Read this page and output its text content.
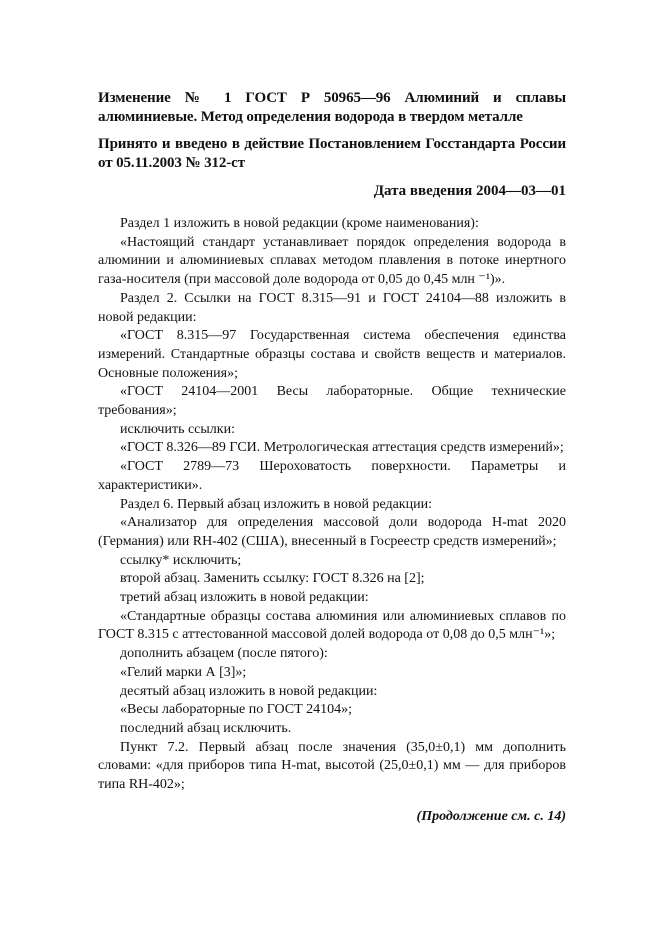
Изменение № 1 ГОСТ Р 50965—96 Алюминий и сплавы алюминиевые. Метод определения водорода в твердом металле
Принято и введено в действие Постановлением Госстандарта России от 05.11.2003 № 312-ст
Дата введения 2004—03—01

Раздел 1 изложить в новой редакции (кроме наименования):

«Настоящий стандарт устанавливает порядок определения водорода в алюминии и алюминиевых сплавах методом плавления в потоке инертного газа-носителя (при массовой доле водорода от 0,05 до 0,45 млн ⁻¹)».

Раздел 2. Ссылки на ГОСТ 8.315—91 и ГОСТ 24104—88 изложить в новой редакции:

«ГОСТ 8.315—97 Государственная система обеспечения единства измерений. Стандартные образцы состава и свойств веществ и материалов. Основные положения»;

«ГОСТ 24104—2001 Весы лабораторные. Общие технические требования»;

исключить ссылки:

«ГОСТ 8.326—89 ГСИ. Метрологическая аттестация средств измерений»;

«ГОСТ 2789—73 Шероховатость поверхности. Параметры и характеристики».

Раздел 6. Первый абзац изложить в новой редакции:

«Анализатор для определения массовой доли водорода H-mat 2020 (Германия) или RH-402 (США), внесенный в Госреестр средств измерений»;

ссылку* исключить;

второй абзац. Заменить ссылку: ГОСТ 8.326 на [2];

третий абзац изложить в новой редакции:

«Стандартные образцы состава алюминия или алюминиевых сплавов по ГОСТ 8.315 с аттестованной массовой долей водорода от 0,08 до 0,5 млн⁻¹»;

дополнить абзацем (после пятого):

«Гелий марки А [3]»;

десятый абзац изложить в новой редакции:

«Весы лабораторные по ГОСТ 24104»;

последний абзац исключить.

Пункт 7.2. Первый абзац после значения (35,0±0,1) мм дополнить словами: «для приборов типа H-mat, высотой (25,0±0,1) мм — для приборов типа RH-402»;

(Продолжение см. с. 14)
